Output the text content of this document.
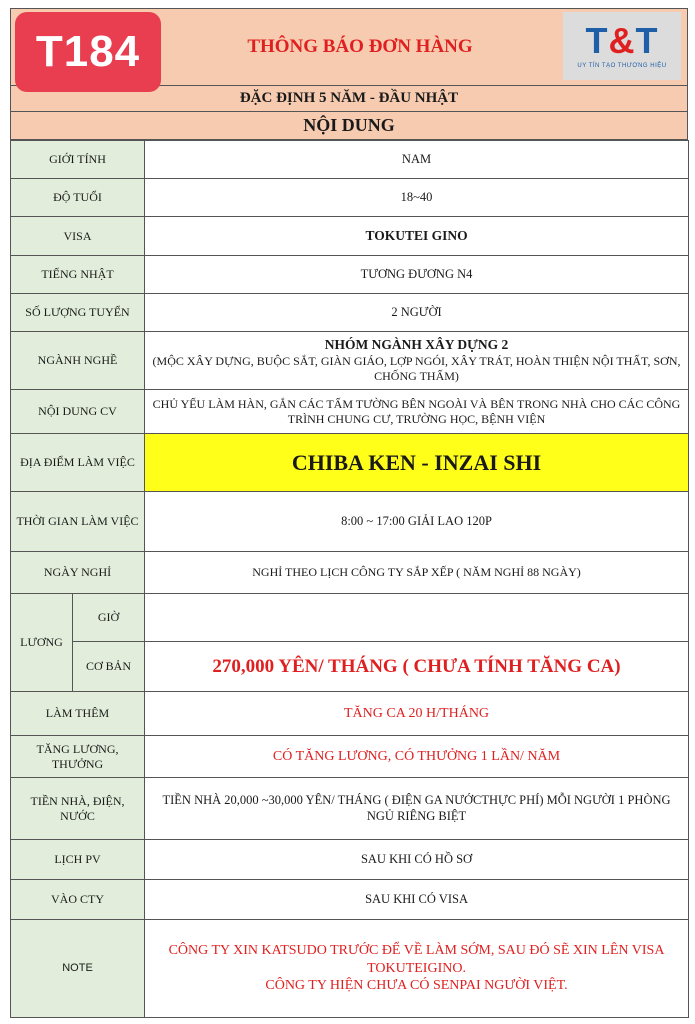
T184	THÔNG BÁO ĐƠN HÀNG	T&T
UY TÍN TẠO THƯƠNG HIỆU
ĐẶC ĐỊNH 5 NĂM - ĐẦU NHẬT
NỘI DUNG
GIỚI TÍNH		NAM
ĐỘ TUỔI		18~40
VISA		TOKUTEI GINO
TIẾNG NHẬT		TƯƠNG ĐƯƠNG N4
SỐ LƯỢNG TUYỂN		2 NGƯỜI
NGÀNH NGHỀ		NHÓM NGÀNH XÂY DỰNG 2
(MỘC XÂY DỰNG, BUỘC SẮT, GIÀN GIÁO, LỢP NGÓI, XÂY TRÁT, HOÀN THIỆN NỘI THẤT, SƠN, CHỐNG THẤM)

NỘI DUNG CV		CHỦ YẾU LÀM HÀN, GẮN CÁC TẤM TƯỜNG BÊN NGOÀI VÀ BÊN TRONG NHÀ CHO CÁC CÔNG TRÌNH CHUNG CƯ, TRƯỜNG HỌC, BỆNH VIỆN
ĐỊA ĐIỂM LÀM VIỆC		CHIBA KEN - INZAI SHI
THỜI GIAN LÀM VIỆC		8:00 ~ 17:00 GIẢI LAO 120P
NGÀY NGHỈ		NGHỈ THEO LỊCH CÔNG TY SẮP XẾP ( NĂM NGHỈ 88 NGÀY)
LƯƠNG	GIỜ	
	CƠ BẢN	270,000 YÊN/ THÁNG ( CHƯA TÍNH TĂNG CA)
LÀM THÊM		TĂNG CA 20 H/THÁNG
TĂNG LƯƠNG, THƯỞNG		CÓ TĂNG LƯƠNG, CÓ THƯỞNG 1 LẦN/ NĂM
TIỀN NHÀ, ĐIỆN, NƯỚC		TIỀN NHÀ 20,000 ~30,000 YÊN/ THÁNG ( ĐIỆN GA NƯỚCTHỰC PHÍ) MỖI NGƯỜI 1 PHÒNG NGỦ RIÊNG BIỆT
LỊCH PV		SAU KHI CÓ HỒ SƠ
VÀO CTY		SAU KHI CÓ VISA
NOTE		CÔNG TY XIN KATSUDO TRƯỚC ĐỂ VỀ LÀM SỚM, SAU ĐÓ SẼ XIN LÊN VISA TOKUTEIGINO.
CÔNG TY HIỆN CHƯA CÓ SENPAI NGƯỜI VIỆT.
